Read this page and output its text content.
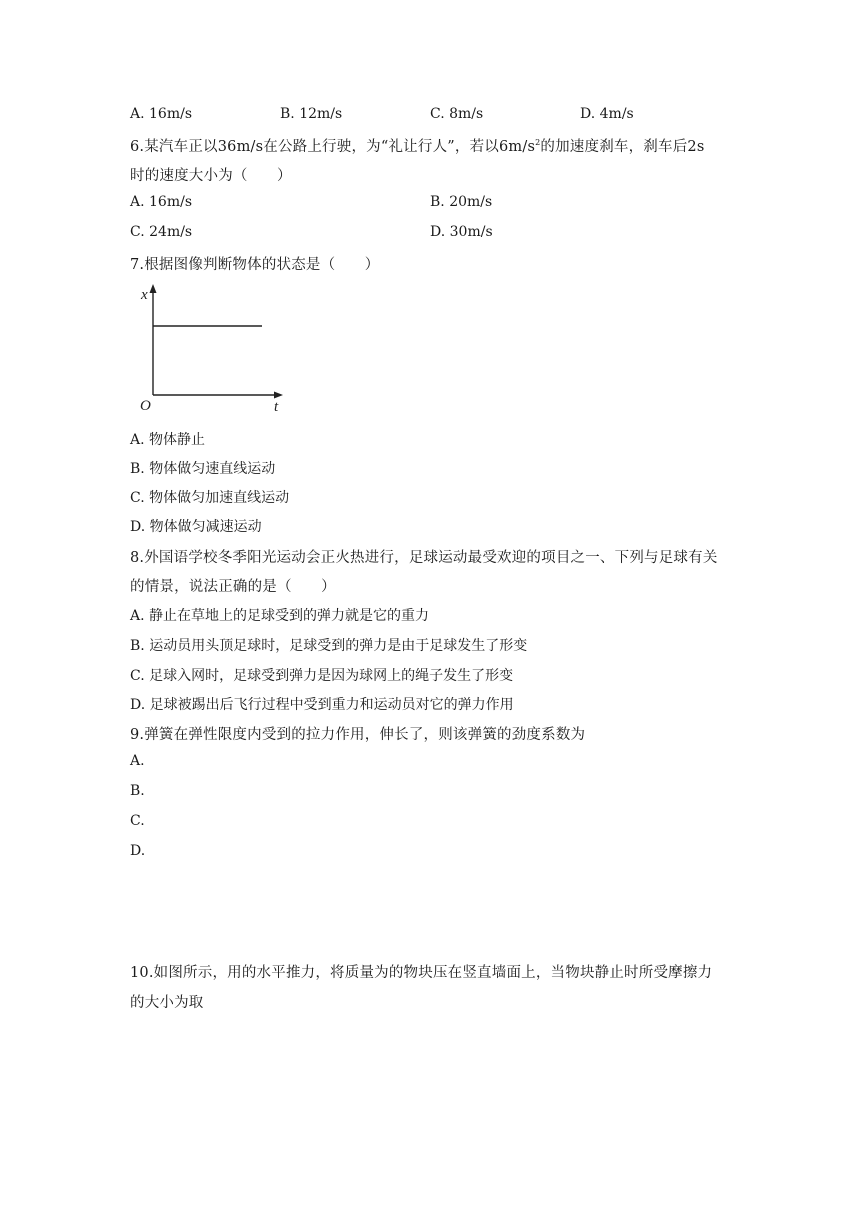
A. 16m/s	B. 12m/s	C. 8m/s	D. 4m/s
6.某汽车正以36m/s在公路上行驶，为“礼让行人”，若以$6m/s^2$的加速度刹车，刹车后2s
时的速度大小为（　　）
A. 16m/s	B. 20m/s
C. 24m/s	D. 30m/s
7.根据图像判断物体的状态是（　　）
x
O	t
A. 物体静止
B. 物体做匀速直线运动
C. 物体做匀加速直线运动
D. 物体做匀减速运动
8.外国语学校冬季阳光运动会正火热进行，足球运动最受欢迎的项目之一、下列与足球有关
的情景，说法正确的是（　　）
A. 静止在草地上的足球受到的弹力就是它的重力
B. 运动员用头顶足球时，足球受到的弹力是由于足球发生了形变
C. 足球入网时，足球受到弹力是因为球网上的绳子发生了形变
D. 足球被踢出后飞行过程中受到重力和运动员对它的弹力作用
9.弹簧在弹性限度内受到的拉力作用，伸长了，则该弹簧的劲度系数为
A.
B.
C.
D.
10.如图所示，用的水平推力，将质量为的物块压在竖直墙面上，当物块静止时所受摩擦力
的大小为取
